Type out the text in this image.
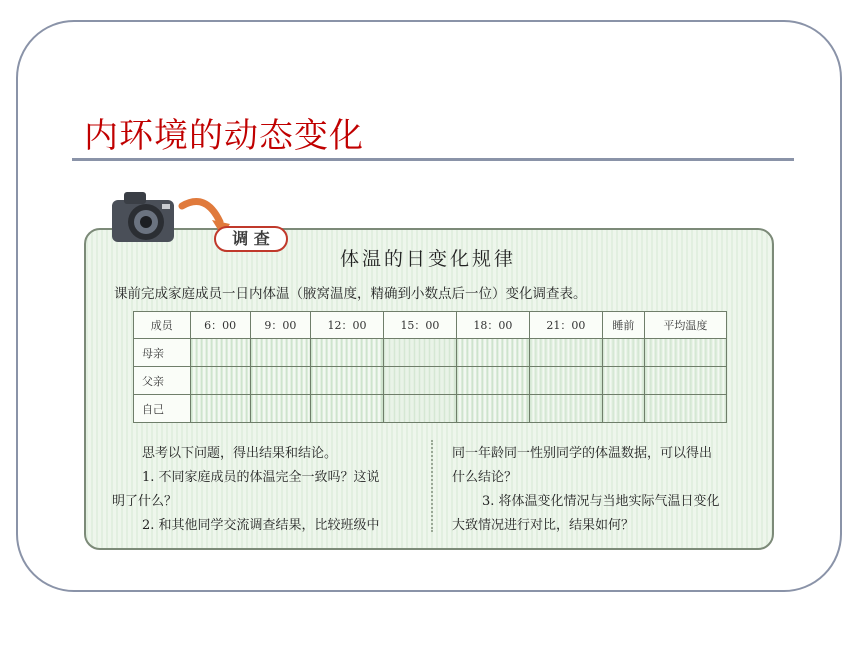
内环境的动态变化
调 查
体温的日变化规律
课前完成家庭成员一日内体温（腋窝温度，精确到小数点后一位）变化调查表。
成员	6：00	9：00	12：00	15：00	18：00	21：00	睡前	平均温度
母亲								
父亲								
自己								
思考以下问题，得出结果和结论。
1. 不同家庭成员的体温完全一致吗？这说
明了什么？
2. 和其他同学交流调查结果，比较班级中
同一年龄同一性别同学的体温数据，可以得出
什么结论？
3. 将体温变化情况与当地实际气温日变化
大致情况进行对比，结果如何？
